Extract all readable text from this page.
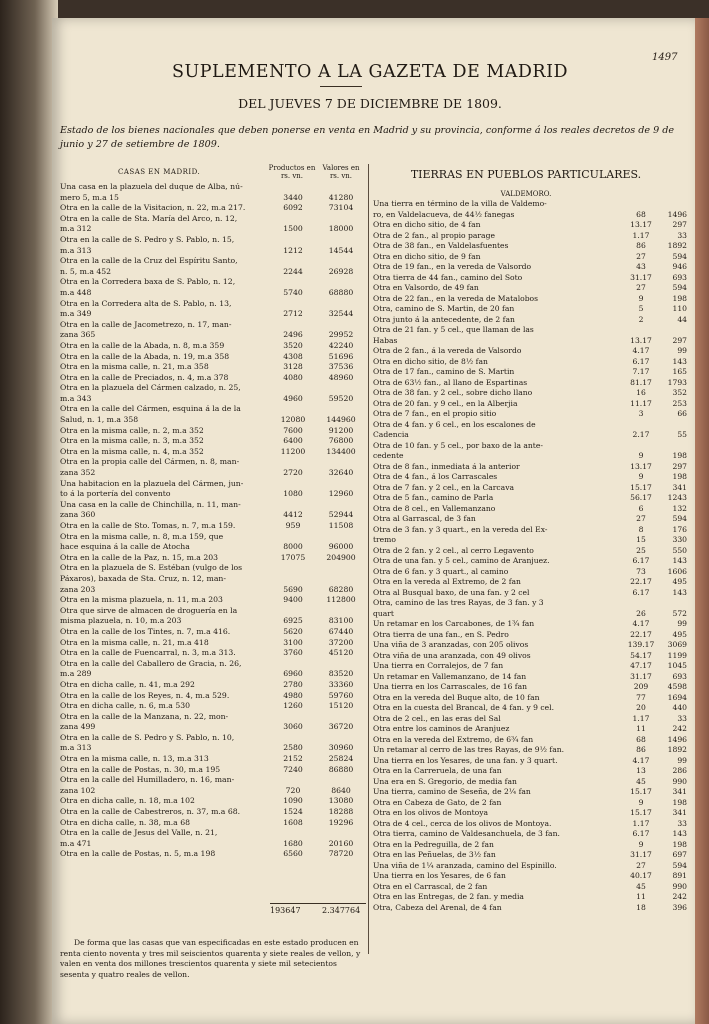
1497
SUPLEMENTO A LA GAZETA DE MADRID
DEL JUEVES 7 DE DICIEMBRE DE 1809.
Estado de los bienes nacionales que deben ponerse en venta en Madrid y su provincia, conforme á los reales decretos de 9 de junio y 27 de setiembre de 1809.
CASAS EN MADRID.	Productos en rs. vn.
Valores en rs. vn.
Una casa en la plazuela del duque de Alba, nú-
mero 5, m.a 15	3440	41280
Otra en la calle de la Visitacion, n. 22, m.a 217.	6092	73104
Otra en la calle de Sta. María del Arco, n. 12,
m.a 312	1500	18000
Otra en la calle de S. Pedro y S. Pablo, n. 15,
m.a 313	1212	14544
Otra en la calle de la Cruz del Espíritu Santo,
n. 5, m.a 452	2244	26928
Otra en la Corredera baxa de S. Pablo, n. 12,
m.a 448	5740	68880
Otra en la Corredera alta de S. Pablo, n. 13,
m.a 349	2712	32544
Otra en la calle de Jacometrezo, n. 17, man-
zana 365	2496	29952
Otra en la calle de la Abada, n. 8, m.a 359	3520	42240
Otra en la calle de la Abada, n. 19, m.a 358	4308	51696
Otra en la misma calle, n. 21, m.a 358	3128	37536
Otra en la calle de Preciados, n. 4, m.a 378	4080	48960
Otra en la plazuela del Cármen calzado, n. 25,
m.a 343	4960	59520
Otra en la calle del Cármen, esquina á la de la
Salud, n. 1, m.a 358	12080	144960
Otra en la misma calle, n. 2, m.a 352	7600	91200
Otra en la misma calle, n. 3, m.a 352	6400	76800
Otra en la misma calle, n. 4, m.a 352	11200	134400
Otra en la propia calle del Cármen, n. 8, man-
zana 352	2720	32640
Una habitacion en la plazuela del Cármen, jun-
to á la portería del convento	1080	12960
Una casa en la calle de Chinchilla, n. 11, man-
zana 360	4412	52944
Otra en la calle de Sto. Tomas, n. 7, m.a 159.	959	11508
Otra en la misma calle, n. 8, m.a 159, que
hace esquina á la calle de Atocha	8000	96000
Otra en la calle de la Paz, n. 15, m.a 203	17075	204900
Otra en la plazuela de S. Estéban (vulgo de los
Páxaros), baxada de Sta. Cruz, n. 12, man-
zana 203	5690	68280
Otra en la misma plazuela, n. 11, m.a 203	9400	112800
Otra que sirve de almacen de droguería en la
misma plazuela, n. 10, m.a 203	6925	83100
Otra en la calle de los Tintes, n. 7, m.a 416.	5620	67440
Otra en la misma calle, n. 21, m.a 418	3100	37200
Otra en la calle de Fuencarral, n. 3, m.a 313.	3760	45120
Otra en la calle del Caballero de Gracia, n. 26,
m.a 289	6960	83520
Otra en dicha calle, n. 41, m.a 292	2780	33360
Otra en la calle de los Reyes, n. 4, m.a 529.	4980	59760
Otra en dicha calle, n. 6, m.a 530	1260	15120
Otra en la calle de la Manzana, n. 22, mon-
zana 499	3060	36720
Otra en la calle de S. Pedro y S. Pablo, n. 10,
m.a 313	2580	30960
Otra en la misma calle, n. 13, m.a 313	2152	25824
Otra en la calle de Postas, n. 30, m.a 195	7240	86880
Otra en la calle del Humilladero, n. 16, man-
zana 102	720	8640
Otra en dicha calle, n. 18, m.a 102	1090	13080
Otra en la calle de Cabestreros, n. 37, m.a 68.	1524	18288
Otra en dicha calle, n. 38, m.a 68	1608	19296
Otra en la calle de Jesus del Valle, n. 21,
m.a 471	1680	20160
Otra en la calle de Postas, n. 5, m.a 198	6560	78720
193647	2.347764
De forma que las casas que van especificadas en este estado producen en renta ciento noventa y tres mil seiscientos quarenta y siete reales de vellon, y valen en venta dos millones trescientos quarenta y siete mil setecientos sesenta y quatro reales de vellon.
TIERRAS EN PUEBLOS PARTICULARES.
VALDEMORO.
Una tierra en término de la villa de Valdemo-
ro, en Valdelacueva, de 44½ fanegas	68	1496
Otra en dicho sitio, de 4 fan	13.17	297
Otra de 2 fan., al propio parage	1.17	33
Otra de 38 fan., en Valdelasfuentes	86	1892
Otra en dicho sitio, de 9 fan	27	594
Otra de 19 fan., en la vereda de Valsordo	43	946
Otra tierra de 44 fan., camino del Soto	31.17	693
Otra en Valsordo, de 49 fan	27	594
Otra de 22 fan., en la vereda de Matalobos	9	198
Otra, camino de S. Martin, de 20 fan	5	110
Otra junto á la antecedente, de 2 fan	2	44
Otra de 21 fan. y 5 cel., que llaman de las
Habas	13.17	297
Otra de 2 fan., á la vereda de Valsordo	4.17	99
Otra en dicho sitio, de 8½ fan	6.17	143
Otra de 17 fan., camino de S. Martin	7.17	165
Otra de 63½ fan., al llano de Espartinas	81.17	1793
Otra de 38 fan. y 2 cel., sobre dicho llano	16	352
Otra de 20 fan. y 9 cel., en la Alberjia	11.17	253
Otra de 7 fan., en el propio sitio	3	66
Otra de 4 fan. y 6 cel., en los escalones de
Cadencia	2.17	55
Otra de 10 fan. y 5 cel., por baxo de la ante-
cedente	9	198
Otra de 8 fan., inmediata á la anterior	13.17	297
Otra de 4 fan., á los Carrascales	9	198
Otra de 7 fan. y 2 cel., en la Carcava	15.17	341
Otra de 5 fan., camino de Parla	56.17	1243
Otra de 8 cel., en Vallemanzano	6	132
Otra al Garrascal, de 3 fan	27	594
Otra de 3 fan. y 3 quart., en la vereda del Ex-	8	176
tremo	15	330
Otra de 2 fan. y 2 cel., al cerro Legavento	25	550
Otra de una fan. y 5 cel., camino de Aranjuez.	6.17	143
Otra de 6 fan. y 3 quart., al camino	73	1606
Otra en la vereda al Extremo, de 2 fan	22.17	495
Otra al Busqual baxo, de una fan. y 2 cel	6.17	143
Otra, camino de las tres Rayas, de 3 fan. y 3
quart	26	572
Un retamar en los Carcabones, de 1¾ fan	4.17	99
Otra tierra de una fan., en S. Pedro	22.17	495
Una viña de 3 aranzadas, con 205 olivos	139.17	3069
Otra viña de una aranzada, con 49 olivos	54.17	1199
Una tierra en Corralejos, de 7 fan	47.17	1045
Un retamar en Vallemanzano, de 14 fan	31.17	693
Una tierra en los Carrascales, de 16 fan	209	4598
Otra en la vereda del Buque alto, de 10 fan	77	1694
Otra en la cuesta del Brancal, de 4 fan. y 9 cel.	20	440
Otra de 2 cel., en las eras del Sal	1.17	33
Otra entre los caminos de Aranjuez	11	242
Otra en la vereda del Extremo, de 6¾ fan	68	1496
Un retamar al cerro de las tres Rayas, de 9½ fan.	86	1892
Una tierra en los Yesares, de una fan. y 3 quart.	4.17	99
Otra en la Carreruela, de una fan	13	286
Una era en S. Gregorio, de media fan	45	990
Una tierra, camino de Seseña, de 2¼ fan	15.17	341
Otra en Cabeza de Gato, de 2 fan	9	198
Otra en los olivos de Montoya	15.17	341
Otra de 4 cel., cerca de los olivos de Montoya.	1.17	33
Otra tierra, camino de Valdesanchuela, de 3 fan.	6.17	143
Otra en la Pedreguilla, de 2 fan	9	198
Otra en las Peñuelas, de 3½ fan	31.17	697
Una viña de 1¼ aranzada, camino del Espinillo.	27	594
Una tierra en los Yesares, de 6 fan	40.17	891
Otra en el Carrascal, de 2 fan	45	990
Otra en las Entregas, de 2 fan. y media	11	242
Otra, Cabeza del Arenal, de 4 fan	18	396
